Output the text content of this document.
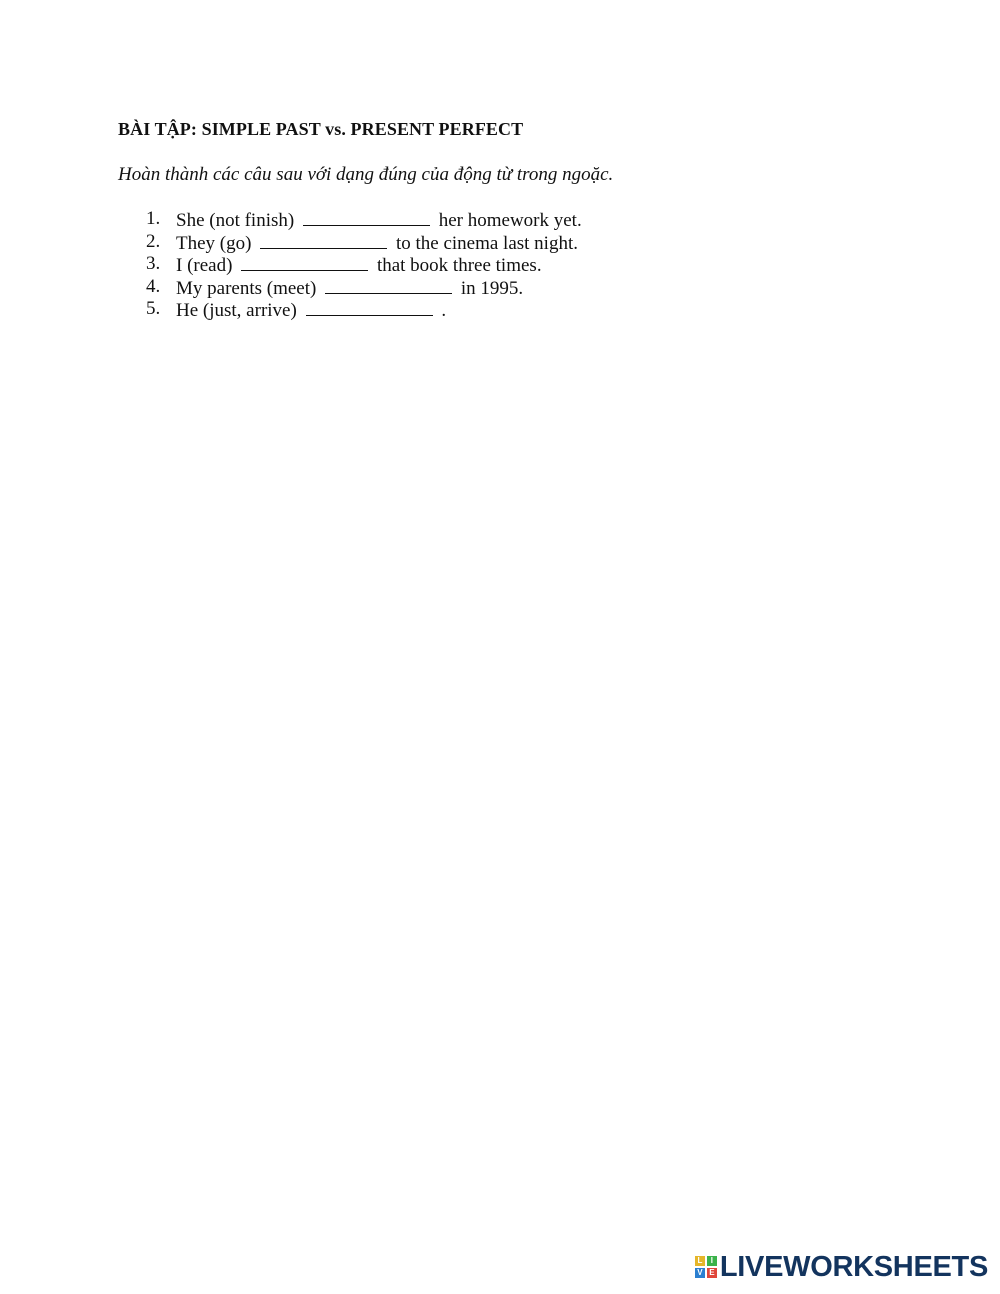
BÀI TẬP: SIMPLE PAST vs. PRESENT PERFECT

Hoàn thành các câu sau với dạng đúng của động từ trong ngoặc.

1. She (not finish)	her homework yet.
2. They (go)	to the cinema last night.
3. I (read)	that book three times.
4. My parents (meet)	in 1995.
5. He (just, arrive)	.
L	I
V E LIVEWORKSHEETS
